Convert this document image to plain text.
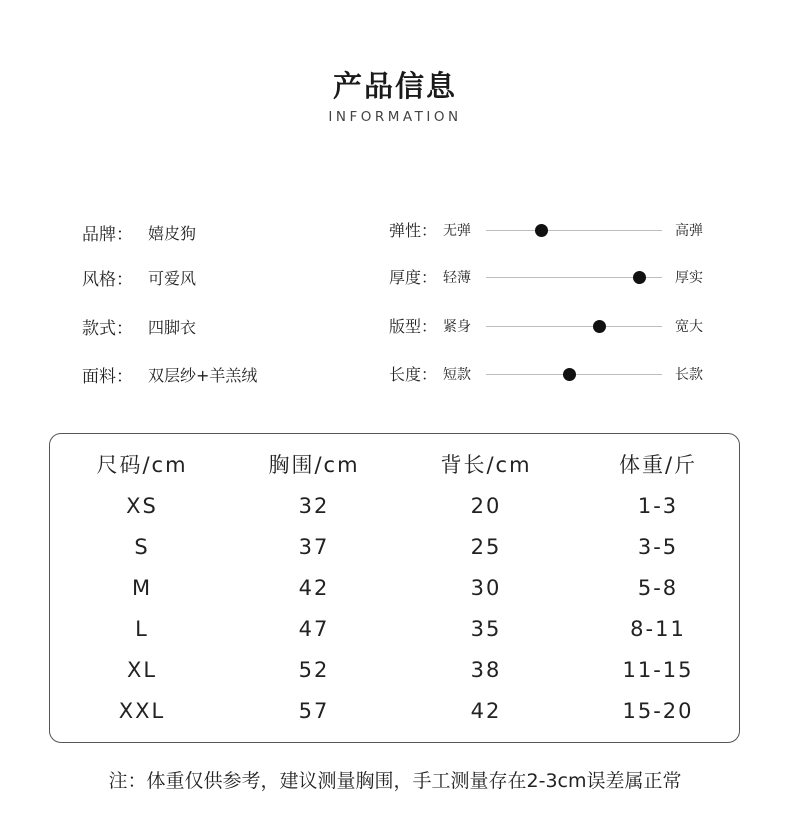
产品信息
INFORMATION
品牌： 嬉皮狗
风格： 可爱风
款式： 四脚衣
面料： 双层纱+羊羔绒
弹性： 无弹	高弹
厚度： 轻薄	厚实
版型： 紧身	宽大
长度： 短款	长款
尺码/cm	胸围/cm	背长/cm	体重/斤
XS	32	20	1-3
S	37	25	3-5
M	42	30	5-8
L	47	35	8-11
XL	52	38	11-15
XXL	57	42	15-20
注：体重仅供参考，建议测量胸围，手工测量存在2-3cm误差属正常
